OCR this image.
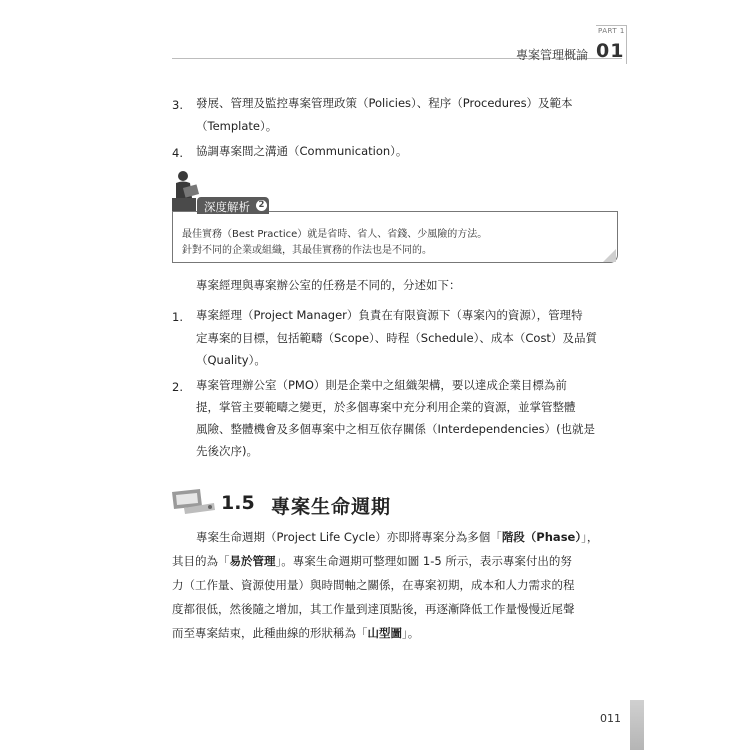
專案管理概論
PART 1
01
3. 發展、管理及監控專案管理政策（Policies）、程序（Procedures）及範本
（Template）。
4. 協調專案間之溝通（Communication）。
深度解析 2
最佳實務（Best Practice）就是省時、省人、省錢、少風險的方法。
針對不同的企業或組織，其最佳實務的作法也是不同的。
專案經理與專案辦公室的任務是不同的，分述如下：
1. 專案經理（Project Manager）負責在有限資源下（專案內的資源），管理特
定專案的目標，包括範疇（Scope）、時程（Schedule）、成本（Cost）及品質
（Quality）。
2. 專案管理辦公室（PMO）則是企業中之組織架構，要以達成企業目標為前
提，掌管主要範疇之變更，於多個專案中充分利用企業的資源，並掌管整體
風險、整體機會及多個專案中之相互依存關係（Interdependencies）(也就是
先後次序)。
1.5 專案生命週期
專案生命週期（Project Life Cycle）亦即將專案分為多個「階段（Phase）」，
其目的為「易於管理」。專案生命週期可整理如圖 1-5 所示，表示專案付出的努
力（工作量、資源使用量）與時間軸之關係，在專案初期，成本和人力需求的程
度都很低，然後隨之增加，其工作量到達頂點後，再逐漸降低工作量慢慢近尾聲
而至專案結束，此種曲線的形狀稱為「山型圖」。
011
